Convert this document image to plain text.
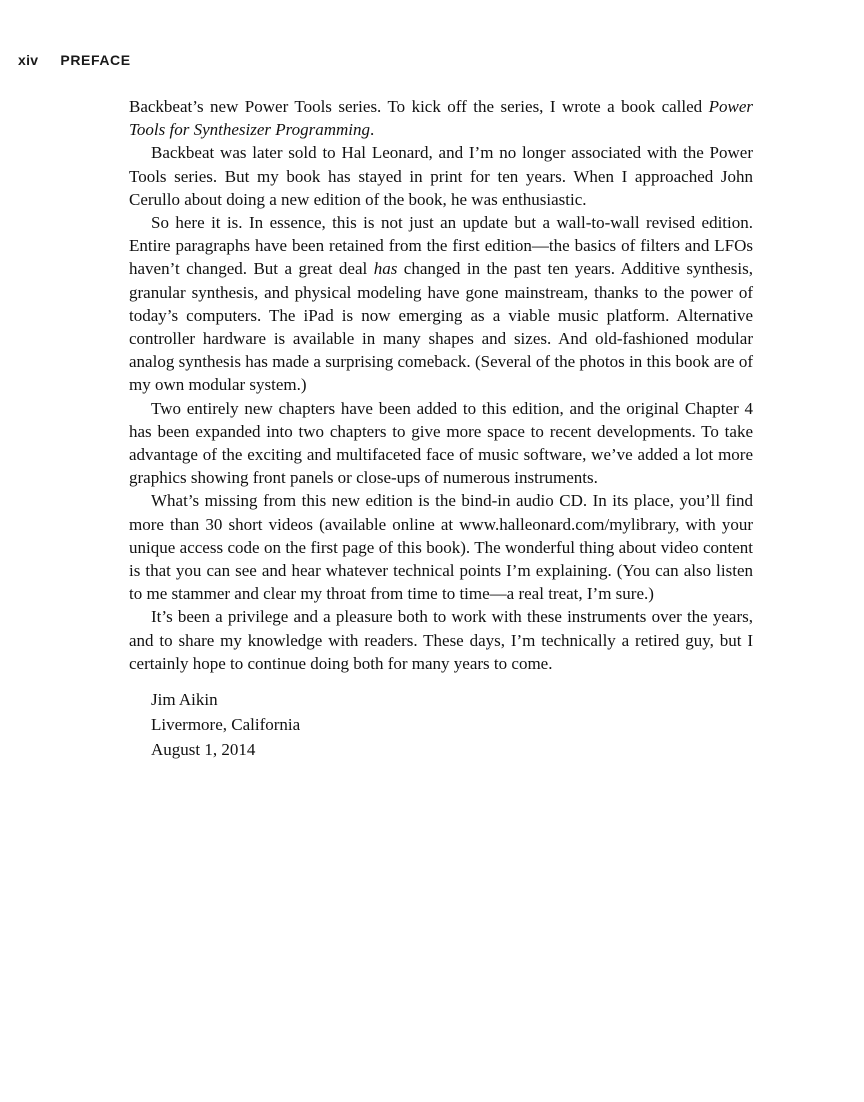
xiv PREFACE

Backbeat’s new Power Tools series. To kick off the series, I wrote a book called Power Tools for Synthesizer Programming.

Backbeat was later sold to Hal Leonard, and I’m no longer associated with the Power Tools series. But my book has stayed in print for ten years. When I approached John Cerullo about doing a new edition of the book, he was enthusiastic.

So here it is. In essence, this is not just an update but a wall-to-wall revised edition. Entire paragraphs have been retained from the first edition—the basics of filters and LFOs haven’t changed. But a great deal has changed in the past ten years. Additive synthesis, granular synthesis, and physical modeling have gone mainstream, thanks to the power of today’s computers. The iPad is now emerging as a viable music platform. Alternative controller hardware is available in many shapes and sizes. And old-fashioned modular analog synthesis has made a surprising comeback. (Several of the photos in this book are of my own modular system.)

Two entirely new chapters have been added to this edition, and the original Chapter 4 has been expanded into two chapters to give more space to recent developments. To take advantage of the exciting and multifaceted face of music software, we’ve added a lot more graphics showing front panels or close-ups of numerous instruments.

What’s missing from this new edition is the bind-in audio CD. In its place, you’ll find more than 30 short videos (available online at www.halleonard.com/mylibrary, with your unique access code on the first page of this book). The wonderful thing about video content is that you can see and hear whatever technical points I’m explaining. (You can also listen to me stammer and clear my throat from time to time—a real treat, I’m sure.)

It’s been a privilege and a pleasure both to work with these instruments over the years, and to share my knowledge with readers. These days, I’m technically a retired guy, but I certainly hope to continue doing both for many years to come.

Jim Aikin
Livermore, California
August 1, 2014
